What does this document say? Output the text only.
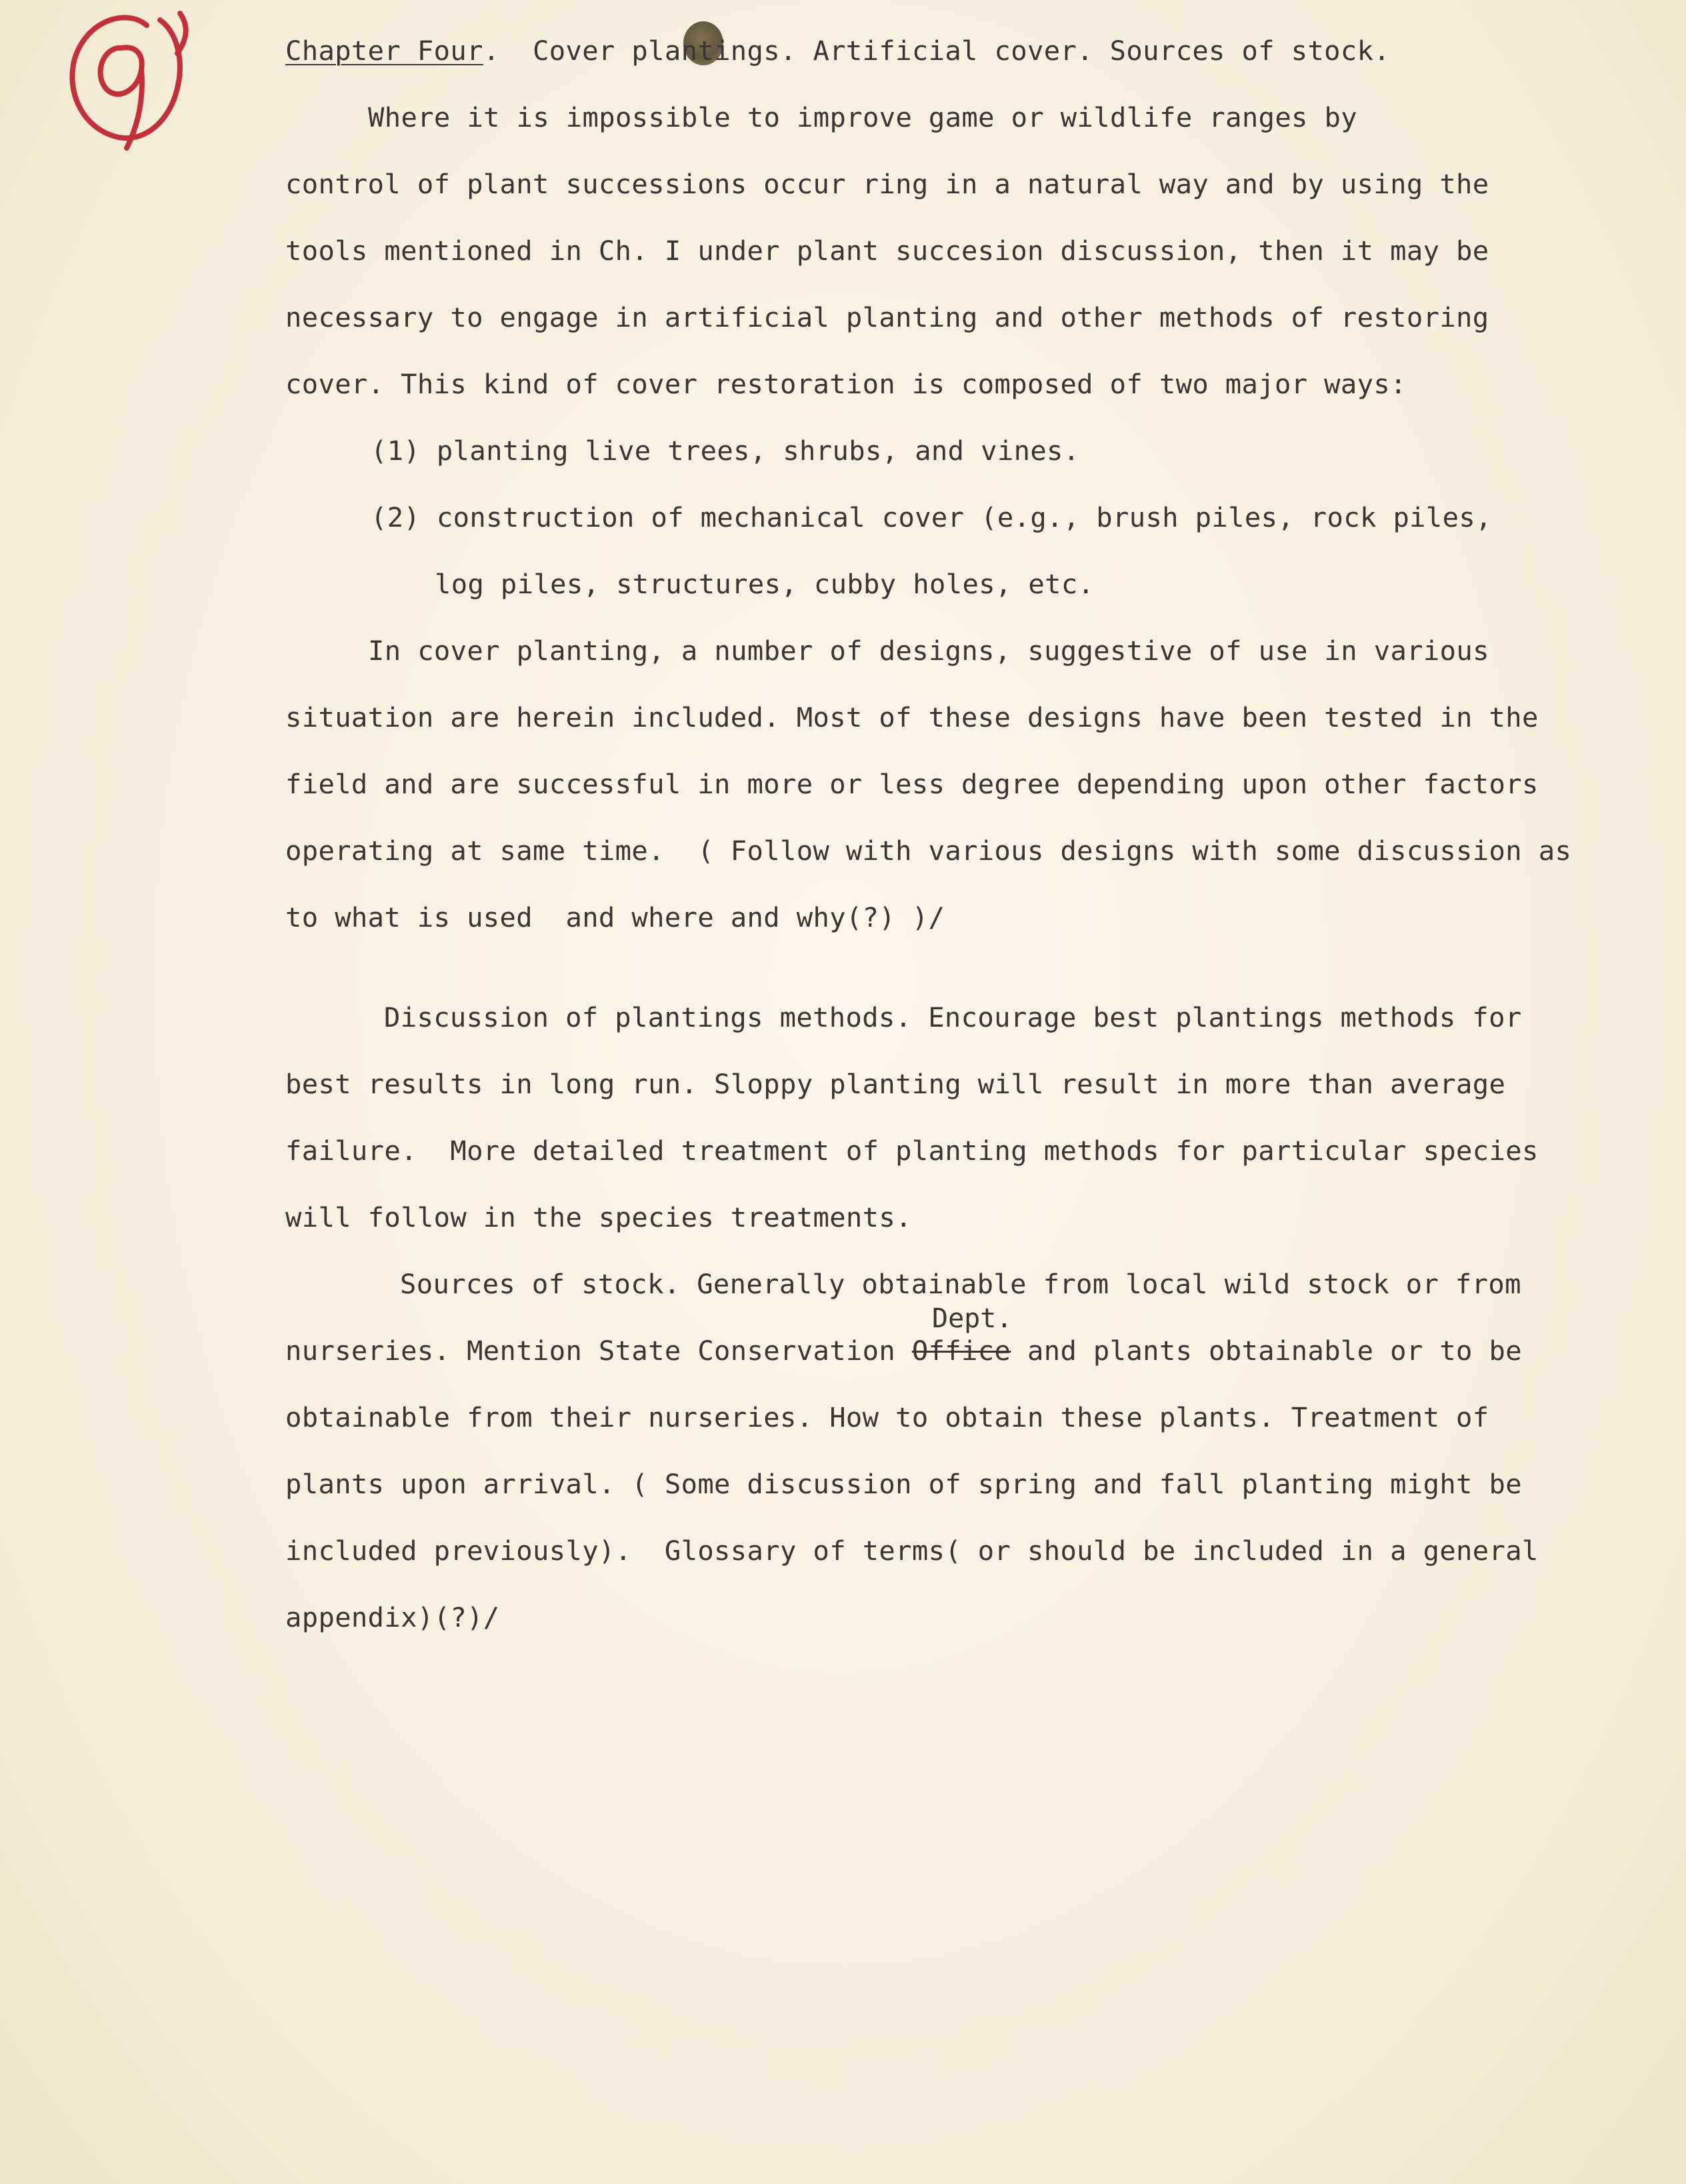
Chapter Four. Cover plantings. Artificial cover. Sources of stock.
Where it is impossible to improve game or wildlife ranges by
control of plant successions occur ring in a natural way and by using the
tools mentioned in Ch. I under plant succesion discussion, then it may be
necessary to engage in artificial planting and other methods of restoring
cover. This kind of cover restoration is composed of two major ways:
(1) planting live trees, shrubs, and vines.
(2) construction of mechanical cover (e.g., brush piles, rock piles,
log piles, structures, cubby holes, etc.
In cover planting, a number of designs, suggestive of use in various
situation are herein included. Most of these designs have been tested in the
field and are successful in more or less degree depending upon other factors
operating at same time.  ( Follow with various designs with some discussion as
to what is used  and where and why(?) )/
Discussion of plantings methods. Encourage best plantings methods for
best results in long run. Sloppy planting will result in more than average
failure.  More detailed treatment of planting methods for particular species
will follow in the species treatments.
Sources of stock. Generally obtainable from local wild stock or from
Dept.
nurseries. Mention State Conservation Office and plants obtainable or to be
obtainable from their nurseries. How to obtain these plants. Treatment of
plants upon arrival. ( Some discussion of spring and fall planting might be
included previously).  Glossary of terms( or should be included in a general
appendix)(?)/
